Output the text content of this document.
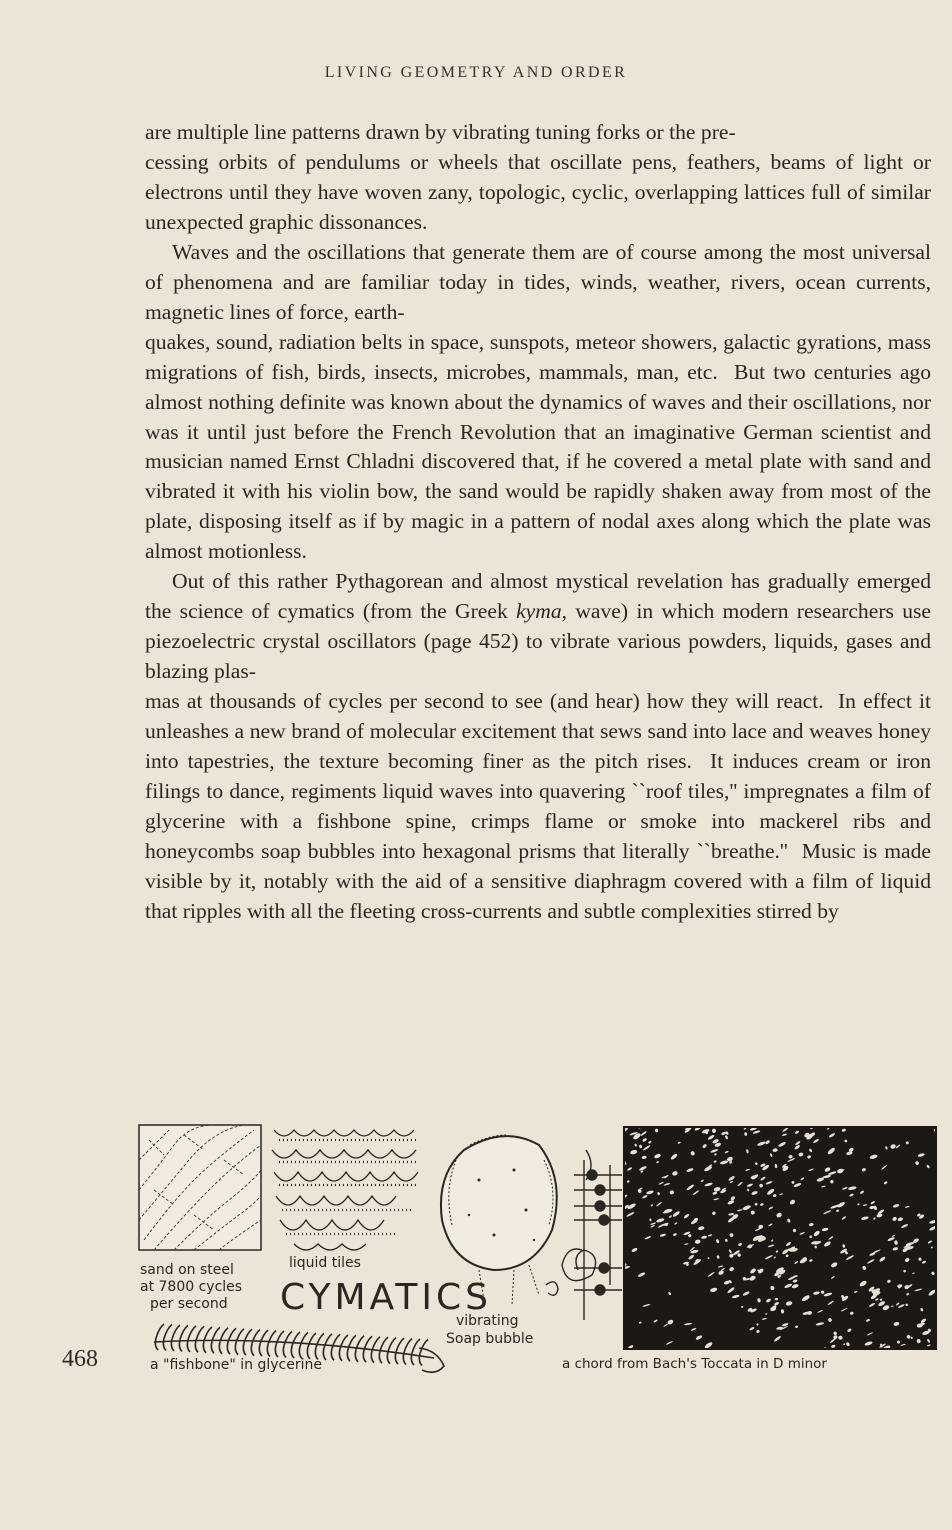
LIVING GEOMETRY AND ORDER

are multiple line patterns drawn by vibrating tuning forks or the pre-
cessing orbits of pendulums or wheels that oscillate pens, feathers, beams of light or electrons until they have woven zany, topologic, cyclic, overlapping lattices full of similar unexpected graphic dissonances.

Waves and the oscillations that generate them are of course among the most universal of phenomena and are familiar today in tides, winds, weather, rivers, ocean currents, magnetic lines of force, earth-
quakes, sound, radiation belts in space, sunspots, meteor showers, galactic gyrations, mass migrations of fish, birds, insects, microbes, mammals, man, etc.  But two centuries ago almost nothing definite was known about the dynamics of waves and their oscillations, nor was it until just before the French Revolution that an imaginative German scientist and musician named Ernst Chladni discovered that, if he covered a metal plate with sand and vibrated it with his violin bow, the sand would be rapidly shaken away from most of the plate, disposing itself as if by magic in a pattern of nodal axes along which the plate was almost motionless.

Out of this rather Pythagorean and almost mystical revelation has gradually emerged the science of cymatics (from the Greek kyma, wave) in which modern researchers use piezoelectric crystal oscillators (page 452) to vibrate various powders, liquids, gases and blazing plas-
mas at thousands of cycles per second to see (and hear) how they will react.  In effect it unleashes a new brand of molecular excitement that sews sand into lace and weaves honey into tapestries, the texture becoming finer as the pitch rises.  It induces cream or iron filings to dance, regiments liquid waves into quavering ``roof tiles,'' impregnates a film of glycerine with a fishbone spine, crimps flame or smoke into mackerel ribs and honeycombs soap bubbles into hexagonal prisms that literally ``breathe.''  Music is made visible by it, notably with the aid of a sensitive diaphragm covered with a film of liquid that ripples with all the fleeting cross-currents and subtle complexities stirred by

sand on steel
at 7800 cycles
per second
liquid tiles
CYMATICS
vibrating
Soap bubble
a "fishbone" in glycerine	a chord from Bach's Toccata in D minor
468
